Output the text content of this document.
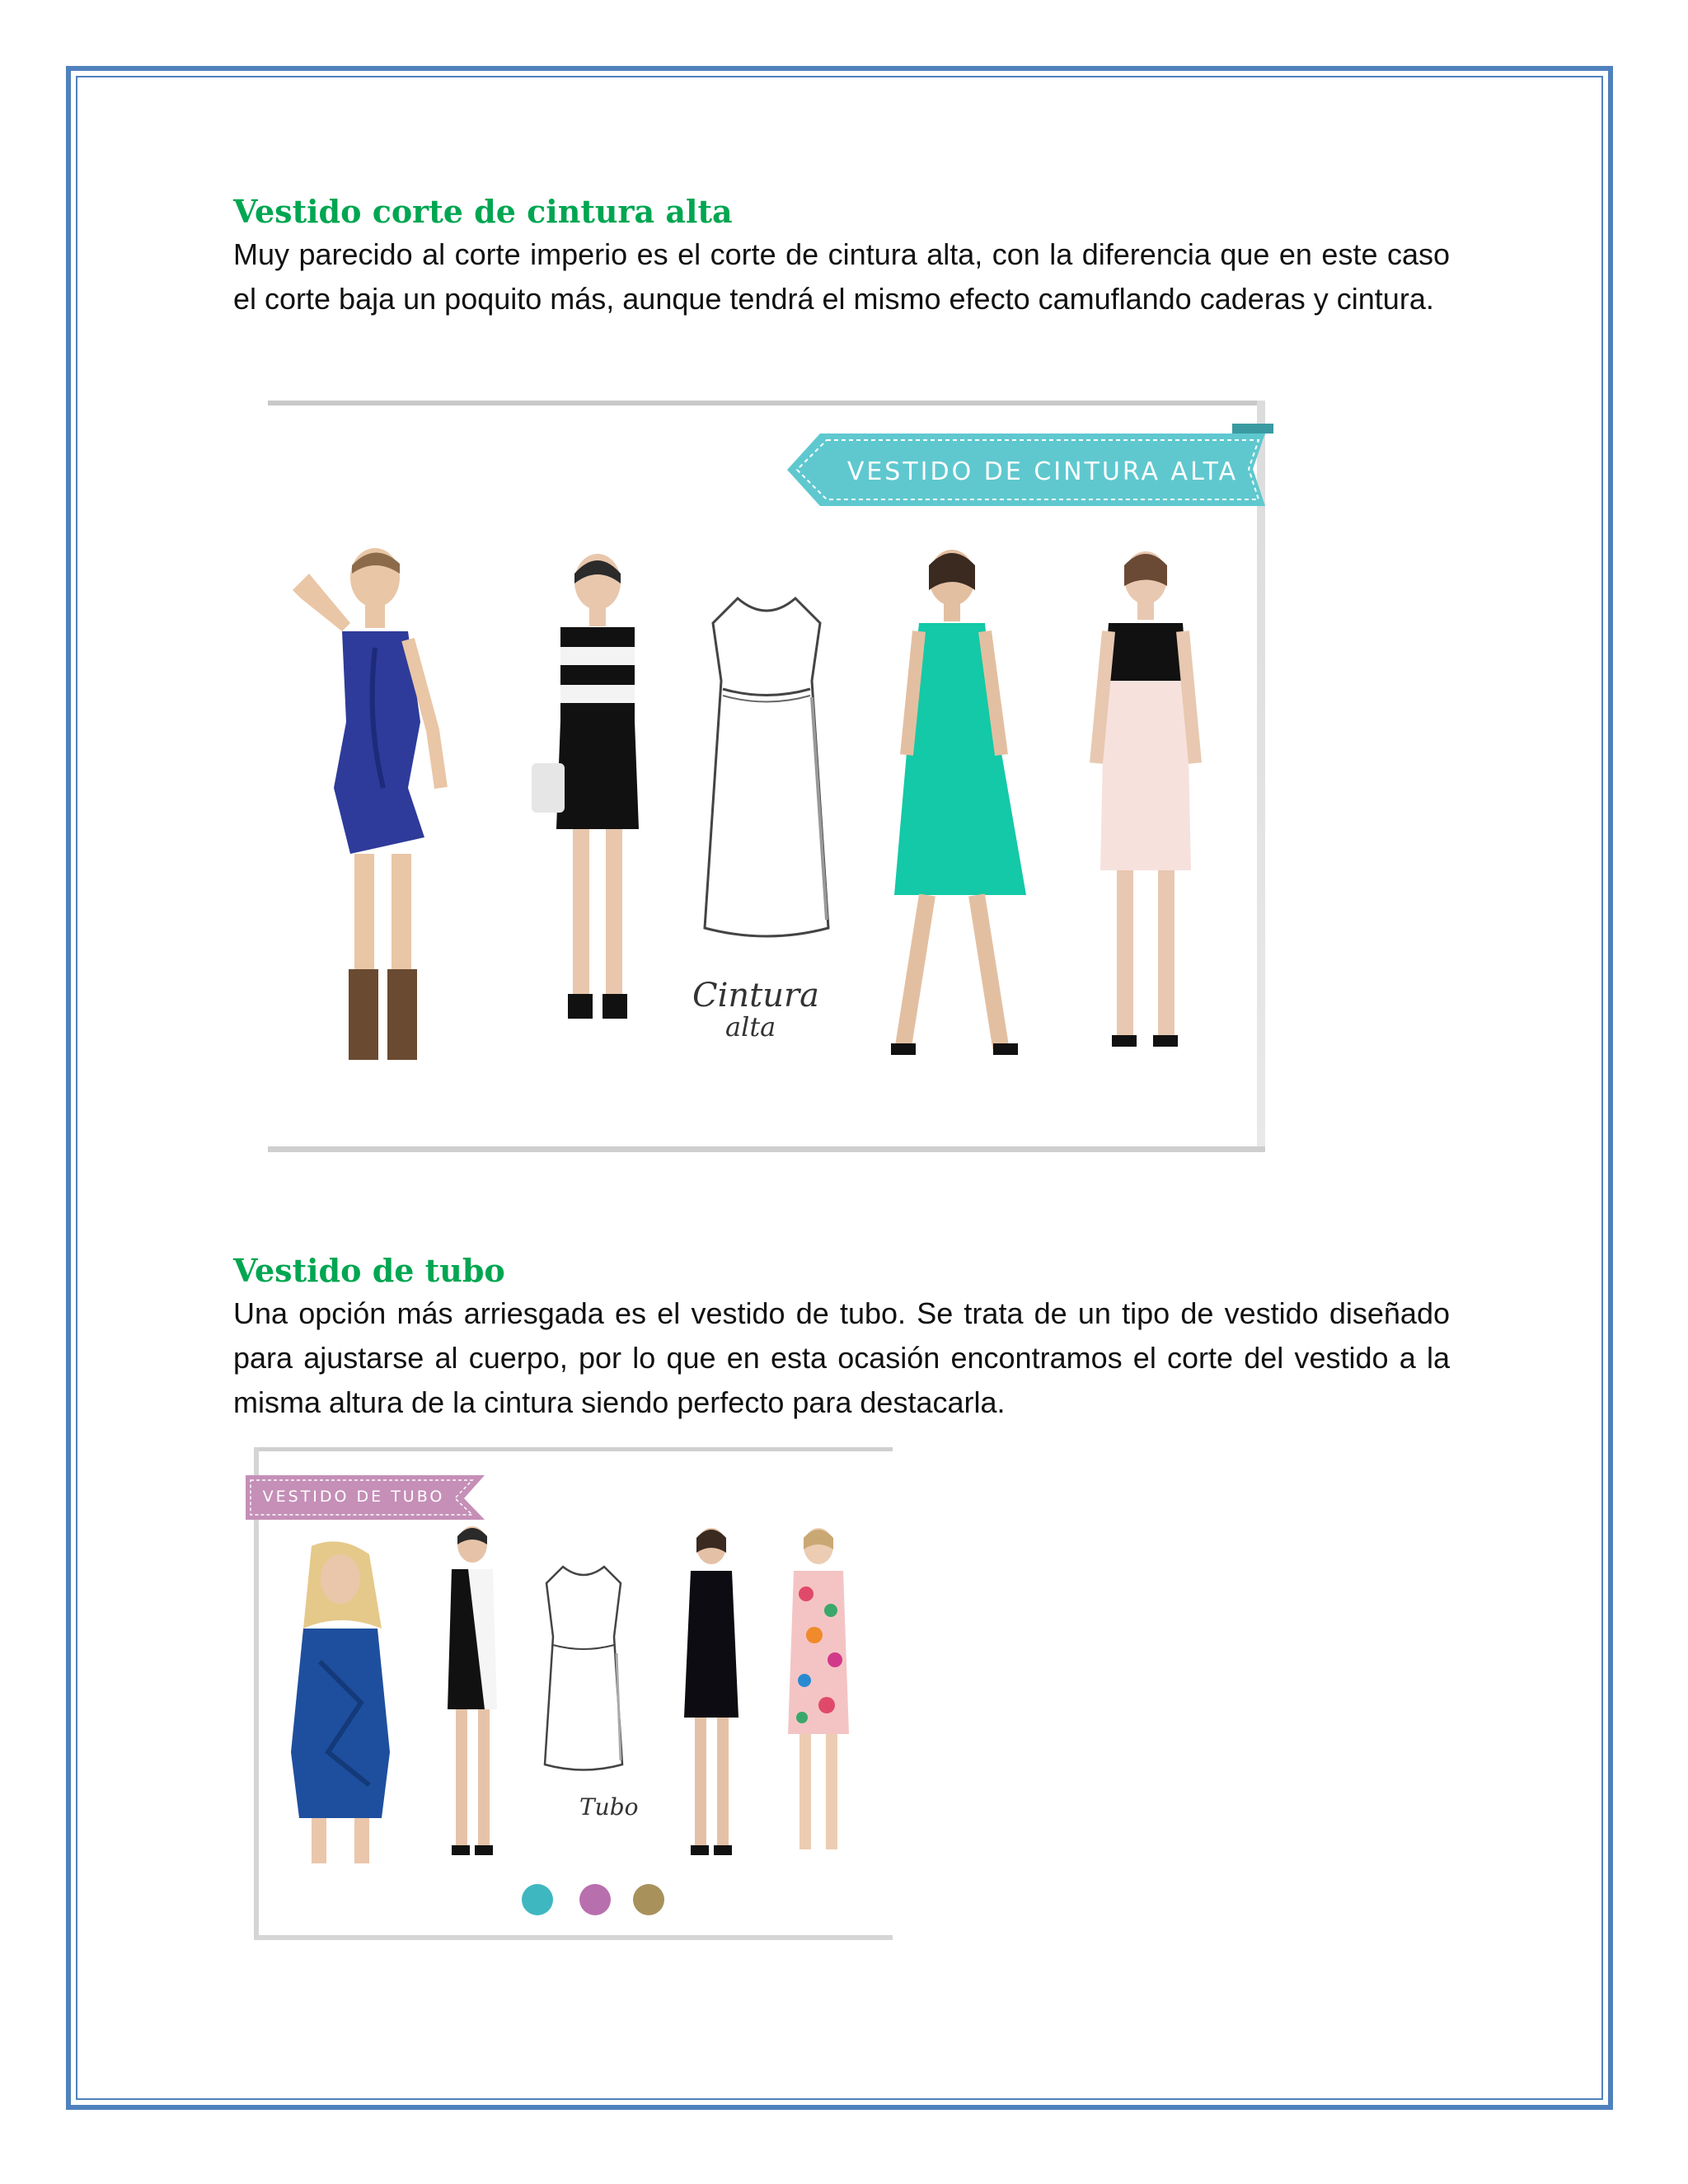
Vestido corte de cintura alta

Muy parecido al corte imperio es el corte de cintura alta, con la diferencia que en este caso el corte baja un poquito más, aunque tendrá el mismo efecto camuflando caderas y cintura.

VESTIDO DE CINTURA ALTA
Cintura
alta
Vestido de tubo

Una opción más arriesgada es el vestido de tubo. Se trata de un tipo de vestido diseñado para ajustarse al cuerpo, por lo que en esta ocasión encontramos el corte del vestido a la misma altura de la cintura siendo perfecto para destacarla.

VESTIDO DE TUBO
Tubo
